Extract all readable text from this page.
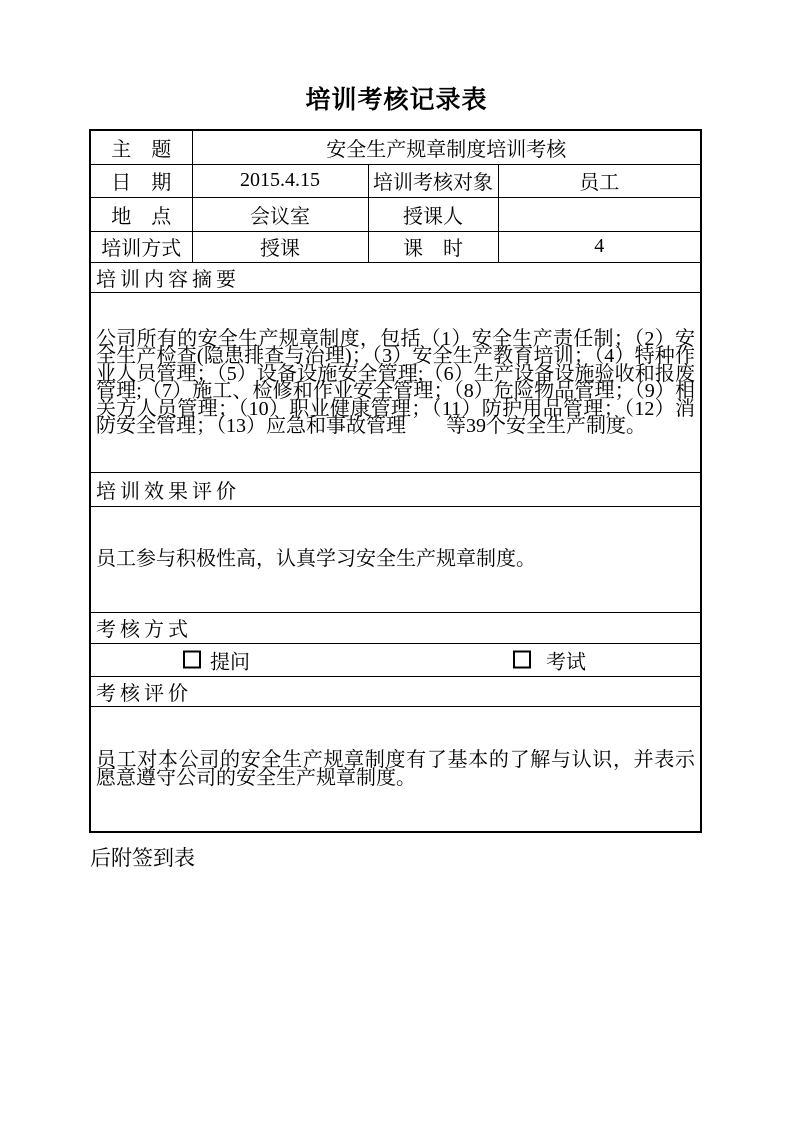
培训考核记录表
主　题	安全生产规章制度培训考核		
日　期	2015.4.15	培训考核对象	员工
地　点	会议室	授课人	
培训方式	授课	课　时	4
培训内容摘要			
公司所有的安全生产规章制度，包括（1）安全生产责任制；（2）安全生产检查(隐患排查与治理)；（3）安全生产教育培训；（4）特种作业人员管理；（5）设备设施安全管理;（6）生产设备设施验收和报废管理;（7）施工、检修和作业安全管理；（8）危险物品管理；（9）相关方人员管理；（10）职业健康管理；（11）防护用品管理；（12）消防安全管理；（13）应急和事故管理　　等39个安全生产制度。			
培训效果评价			
员工参与积极性高，认真学习安全生产规章制度。			
考核方式			

提问 考试			

考核评价			
员工对本公司的安全生产规章制度有了基本的了解与认识，并表示愿意遵守公司的安全生产规章制度。			
后附签到表
